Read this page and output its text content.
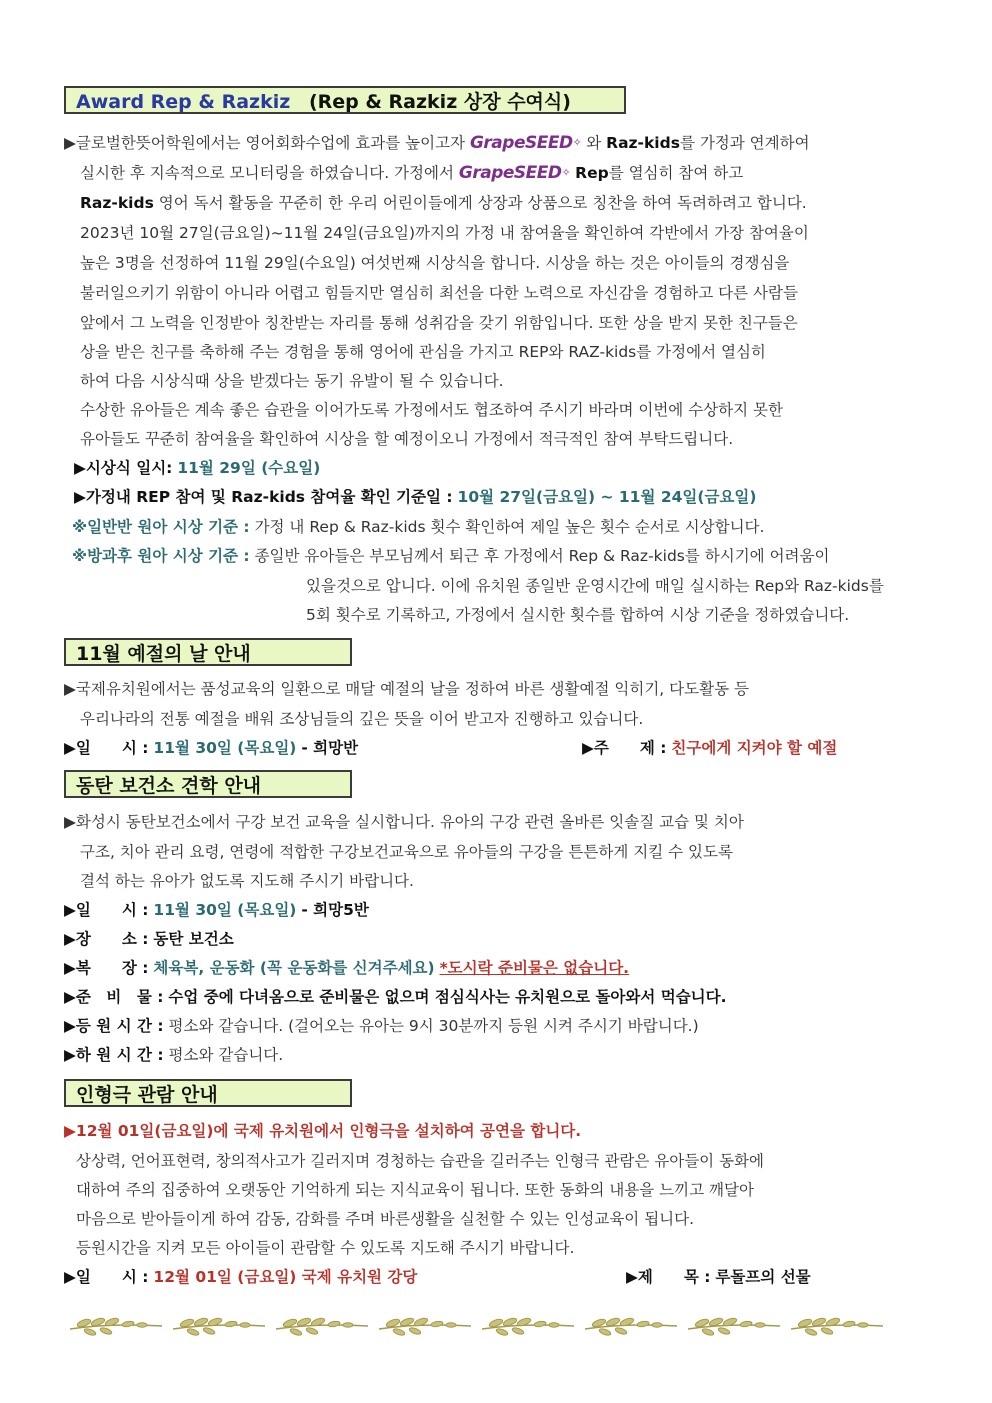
Award Rep & Razkiz (Rep & Razkiz 상장 수여식)
▶글로벌한뜻어학원에서는 영어회화수업에 효과를 높이고자 GrapeSEED✧ 와 Raz-kids를 가정과 연계하여
실시한 후 지속적으로 모니터링을 하였습니다. 가정에서 GrapeSEED✧ Rep를 열심히 참여 하고
Raz-kids 영어 독서 활동을 꾸준히 한 우리 어린이들에게 상장과 상품으로 칭찬을 하여 독려하려고 합니다.
2023년 10월 27일(금요일)~11월 24일(금요일)까지의 가정 내 참여율을 확인하여 각반에서 가장 참여율이
높은 3명을 선정하여 11월 29일(수요일) 여섯번째 시상식을 합니다. 시상을 하는 것은 아이들의 경쟁심을
불러일으키기 위함이 아니라 어렵고 힘들지만 열심히 최선을 다한 노력으로 자신감을 경험하고 다른 사람들
앞에서 그 노력을 인정받아 칭찬받는 자리를 통해 성취감을 갖기 위함입니다. 또한 상을 받지 못한 친구들은
상을 받은 친구를 축하해 주는 경험을 통해 영어에 관심을 가지고 REP와 RAZ-kids를 가정에서 열심히
하여 다음 시상식때 상을 받겠다는 동기 유발이 될 수 있습니다.
수상한 유아들은 계속 좋은 습관을 이어가도록 가정에서도 협조하여 주시기 바라며 이번에 수상하지 못한
유아들도 꾸준히 참여율을 확인하여 시상을 할 예정이오니 가정에서 적극적인 참여 부탁드립니다.
▶시상식 일시: 11월 29일 (수요일)
▶가정내 REP 참여 및 Raz-kids 참여율 확인 기준일 : 10월 27일(금요일) ~ 11월 24일(금요일)
※일반반 원아 시상 기준 : 가정 내 Rep & Raz-kids 횟수 확인하여 제일 높은 횟수 순서로 시상합니다.
※방과후 원아 시상 기준 : 종일반 유아들은 부모님께서 퇴근 후 가정에서 Rep & Raz-kids를 하시기에 어려움이
있을것으로 압니다. 이에 유치원 종일반 운영시간에 매일 실시하는 Rep와 Raz-kids를
5회 횟수로 기록하고, 가정에서 실시한 횟수를 합하여 시상 기준을 정하였습니다.
11월 예절의 날 안내
▶국제유치원에서는 품성교육의 일환으로 매달 예절의 날을 정하여 바른 생활예절 익히기, 다도활동 등
우리나라의 전통 예절을 배워 조상님들의 깊은 뜻을 이어 받고자 진행하고 있습니다.
▶일　　시 : 11월 30일 (목요일) - 희망반	▶주　　제 : 친구에게 지켜야 할 예절
동탄 보건소 견학 안내
▶화성시 동탄보건소에서 구강 보건 교육을 실시합니다. 유아의 구강 관련 올바른 잇솔질 교습 및 치아
구조, 치아 관리 요령, 연령에 적합한 구강보건교육으로 유아들의 구강을 튼튼하게 지킬 수 있도록
결석 하는 유아가 없도록 지도해 주시기 바랍니다.
▶일　　시 : 11월 30일 (목요일) - 희망5반
▶장　　소 : 동탄 보건소
▶복　　장 : 체육복, 운동화 (꼭 운동화를 신겨주세요) *도시락 준비물은 없습니다.
▶준　비　물 : 수업 중에 다녀옴으로 준비물은 없으며 점심식사는 유치원으로 돌아와서 먹습니다.
▶등 원 시 간 : 평소와 같습니다. (걸어오는 유아는 9시 30분까지 등원 시켜 주시기 바랍니다.)
▶하 원 시 간 : 평소와 같습니다.
인형극 관람 안내
▶12월 01일(금요일)에 국제 유치원에서 인형극을 설치하여 공연을 합니다.
상상력, 언어표현력, 창의적사고가 길러지며 경청하는 습관을 길러주는 인형극 관람은 유아들이 동화에
대하여 주의 집중하여 오랫동안 기억하게 되는 지식교육이 됩니다. 또한 동화의 내용을 느끼고 깨달아
마음으로 받아들이게 하여 감동, 감화를 주며 바른생활을 실천할 수 있는 인성교육이 됩니다.
등원시간을 지켜 모든 아이들이 관람할 수 있도록 지도해 주시기 바랍니다.
▶일　　시 : 12월 01일 (금요일) 국제 유치원 강당	▶제　　목 : 루돌프의 선물
